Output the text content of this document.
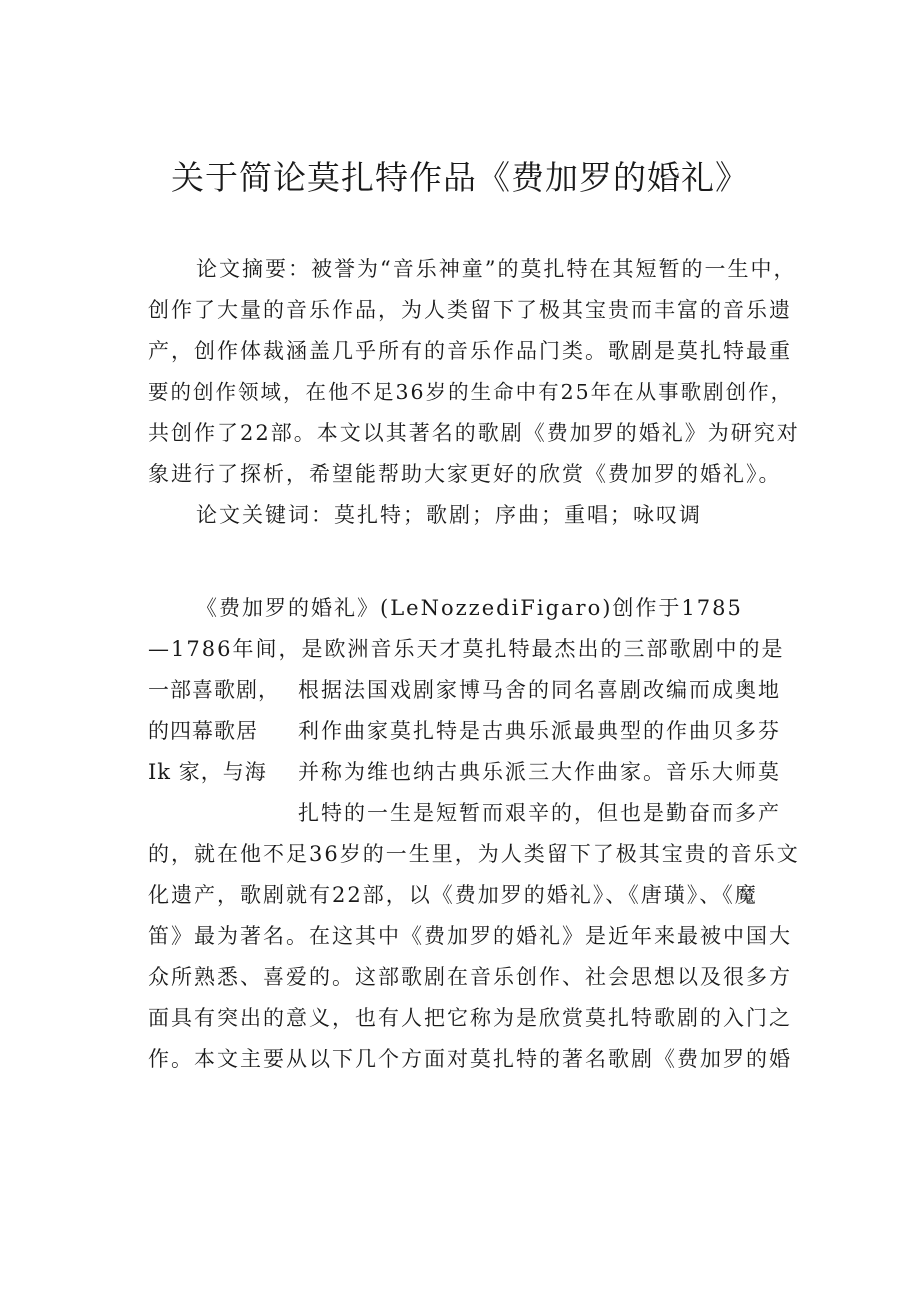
关于简论莫扎特作品《费加罗的婚礼》

论文摘要：被誉为“音乐神童”的莫扎特在其短暂的一生中，

创作了大量的音乐作品，为人类留下了极其宝贵而丰富的音乐遗

产，创作体裁涵盖几乎所有的音乐作品门类。歌剧是莫扎特最重

要的创作领域，在他不足36岁的生命中有25年在从事歌剧创作，

共创作了22部。本文以其著名的歌剧《费加罗的婚礼》为研究对

象进行了探析，希望能帮助大家更好的欣赏《费加罗的婚礼》。

论文关键词：莫扎特；歌剧；序曲；重唱；咏叹调

《费加罗的婚礼》(LeNozzediFigaro)创作于1785

—1786年间，是欧洲音乐天才莫扎特最杰出的三部歌剧中的是

一部喜歌剧，

的四幕歌居

Ik 家，与海

根据法国戏剧家博马舍的同名喜剧改编而成奥地

利作曲家莫扎特是古典乐派最典型的作曲贝多芬

并称为维也纳古典乐派三大作曲家。音乐大师莫

扎特的一生是短暂而艰辛的，但也是勤奋而多产

的，就在他不足36岁的一生里，为人类留下了极其宝贵的音乐文

化遗产，歌剧就有22部，以《费加罗的婚礼》、《唐璜》、《魔

笛》最为著名。在这其中《费加罗的婚礼》是近年来最被中国大

众所熟悉、喜爱的。这部歌剧在音乐创作、社会思想以及很多方

面具有突出的意义，也有人把它称为是欣赏莫扎特歌剧的入门之

作。本文主要从以下几个方面对莫扎特的著名歌剧《费加罗的婚
